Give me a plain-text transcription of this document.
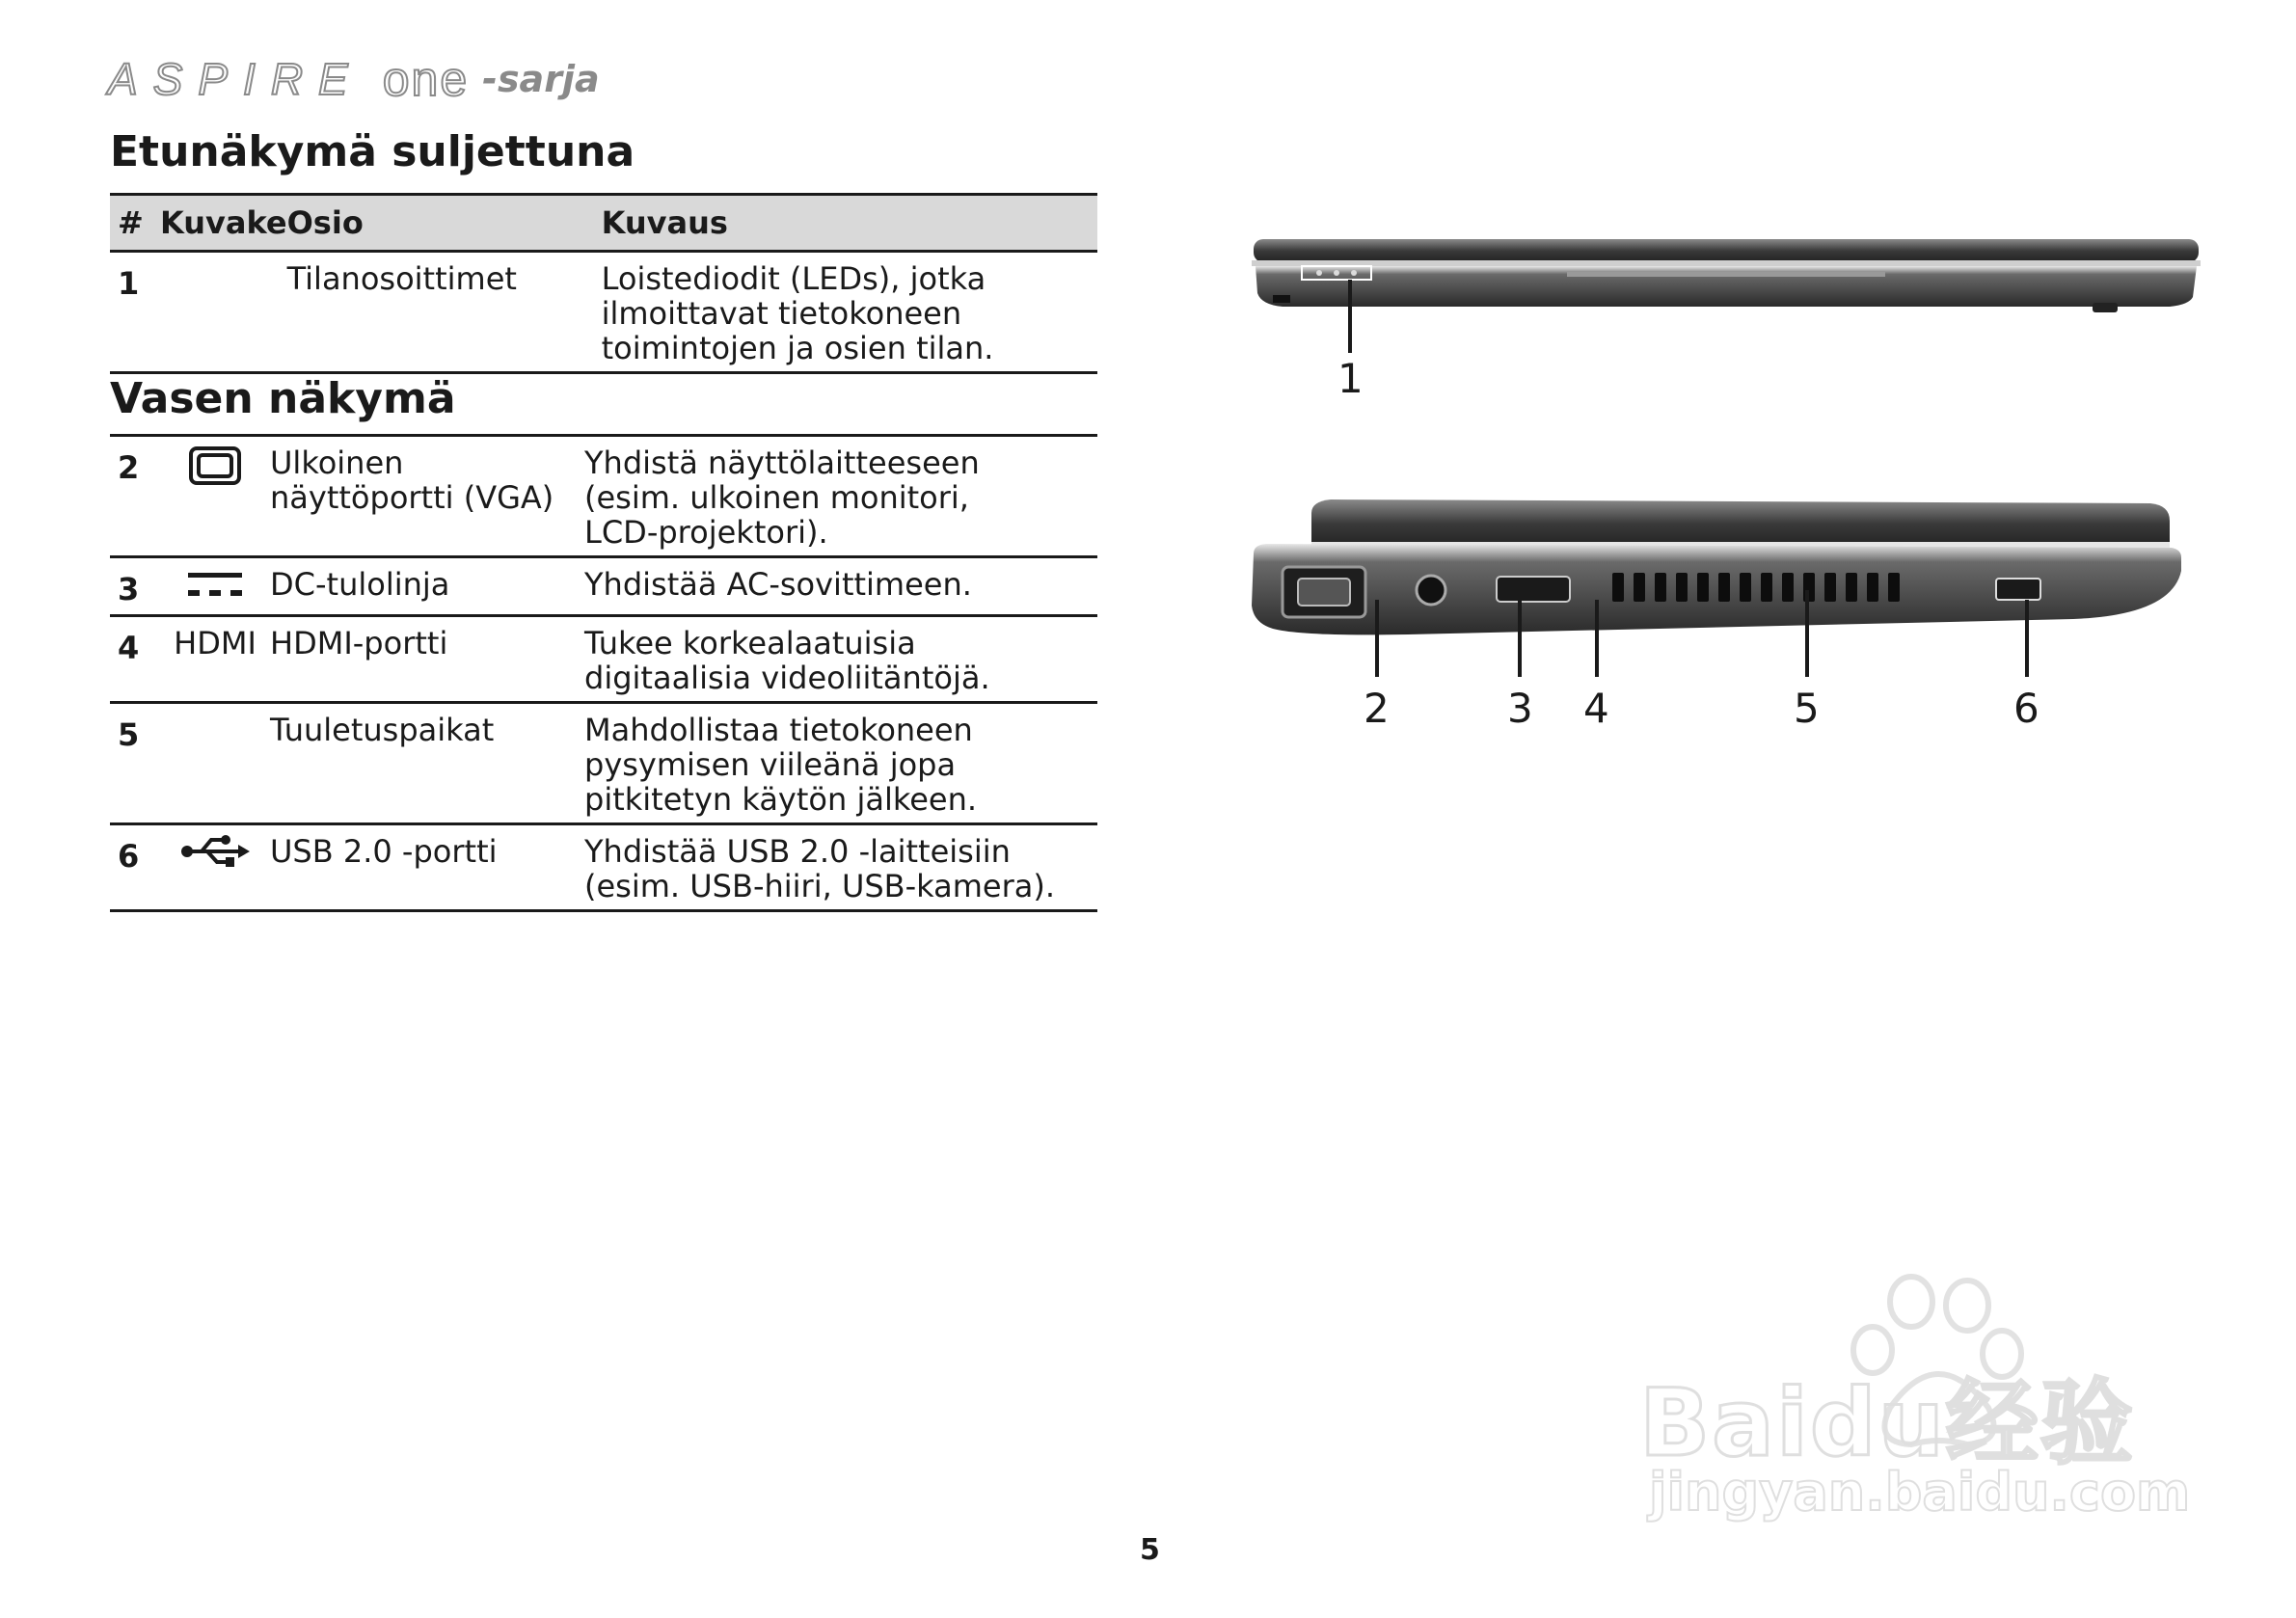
ASPIRE one -sarja
Etunäkymä suljettuna
#	Kuvake	Osio	Kuvaus
1		Tilanosoittimet	Loistediodit (LEDs), jotka ilmoittavat tietokoneen toimintojen ja osien tilan.
Vasen näkymä
2		Ulkoinen näyttöportti (VGA)	Yhdistä näyttölaitteeseen (esim. ulkoinen monitori, LCD-projektori).
3		DC-tulolinja	Yhdistää AC-sovittimeen.
4	HDMI	HDMI-portti	Tukee korkealaatuisia digitaalisia videoliitäntöjä.
5		Tuuletuspaikat	Mahdollistaa tietokoneen pysymisen viileänä jopa pitkitetyn käytön jälkeen.
6		USB 2.0 -portti	Yhdistää USB 2.0 -laitteisiin (esim. USB-hiiri, USB-kamera).
1
2	3 4	5	6
5
Baidu经验
jingyan.baidu.com
